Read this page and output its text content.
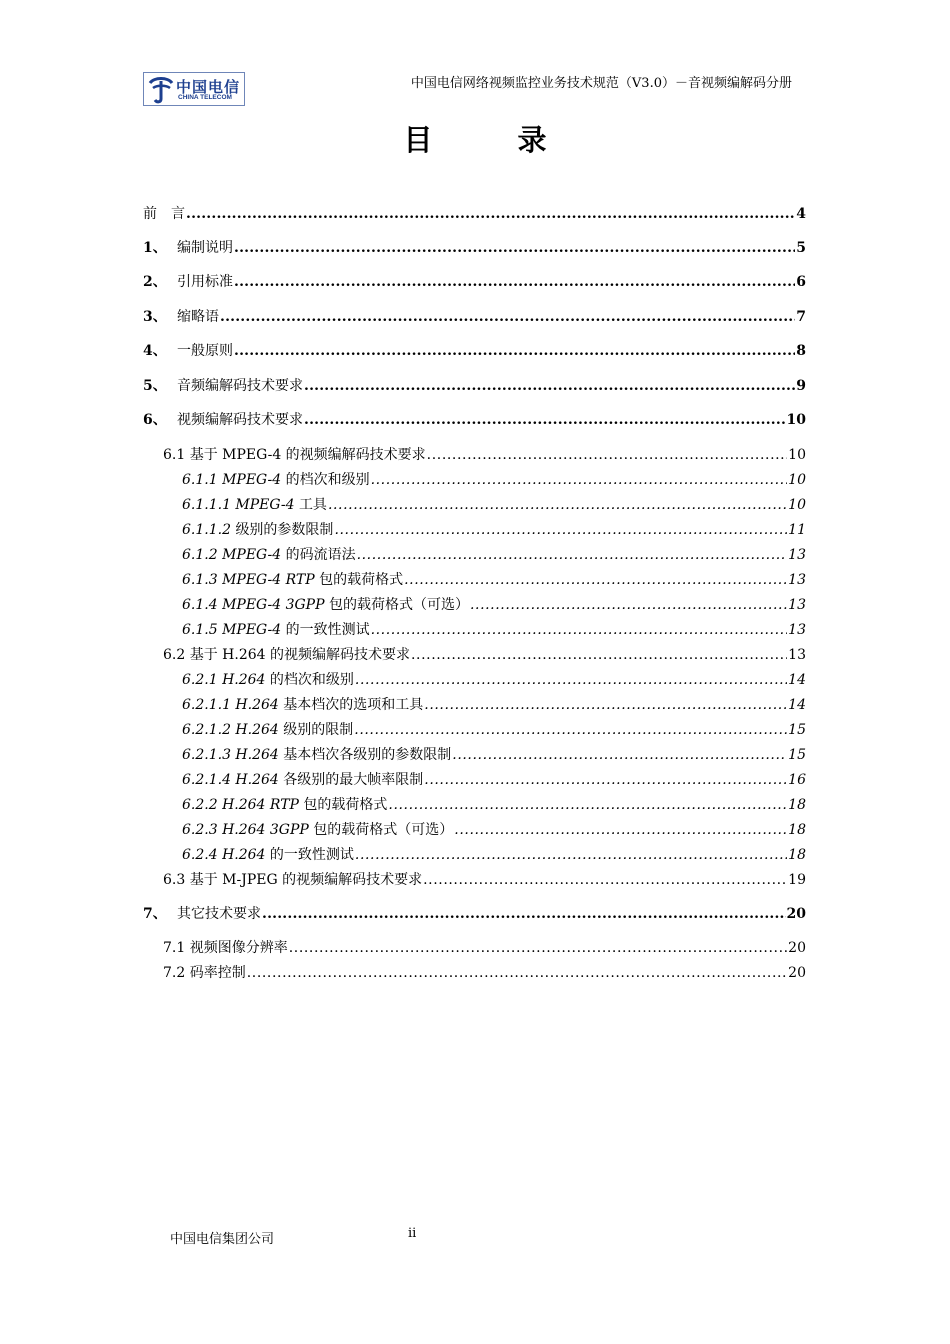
中国电信
CHINA TELECOM
中国电信网络视频监控业务技术规范（V3.0）－音视频编解码分册
目　录
前　言 .....	4
1、 编制说明 .....	5
2、 引用标准 .....	6
3、 缩略语 .....	7
4、 一般原则 .....	8
5、 音频编解码技术要求 .....	9
6、 视频编解码技术要求 .....	10
6.1 基于 MPEG-4 的视频编解码技术要求 .....	10
6.1.1 MPEG-4 的档次和级别 .....	10
6.1.1.1 MPEG-4 工具 .....	10
6.1.1.2 级别的参数限制 .....	11
6.1.2 MPEG-4 的码流语法 .....	13
6.1.3 MPEG-4 RTP 包的载荷格式 .....	13
6.1.4 MPEG-4 3GPP 包的载荷格式（可选） .....	13
6.1.5 MPEG-4 的一致性测试 .....	13
6.2 基于 H.264 的视频编解码技术要求 .....	13
6.2.1 H.264 的档次和级别 .....	14
6.2.1.1 H.264 基本档次的选项和工具 .....	14
6.2.1.2 H.264 级别的限制 .....	15
6.2.1.3 H.264 基本档次各级别的参数限制 .....	15
6.2.1.4 H.264 各级别的最大帧率限制 .....	16
6.2.2 H.264 RTP 包的载荷格式 .....	18
6.2.3 H.264 3GPP 包的载荷格式（可选） .....	18
6.2.4 H.264 的一致性测试 .....	18
6.3 基于 M-JPEG 的视频编解码技术要求 .....	19
7、 其它技术要求 .....	20
7.1 视频图像分辨率 .....	20
7.2 码率控制 .....	20
中国电信集团公司	ii
